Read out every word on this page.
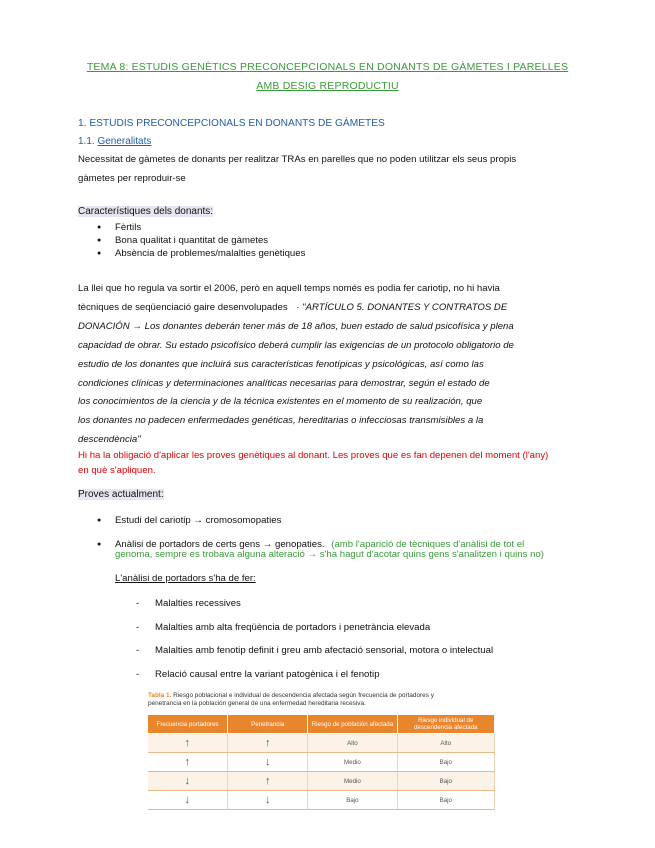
TEMA 8: ESTUDIS GENÈTICS PRECONCEPCIONALS EN DONANTS DE GÀMETES I PARELLES
AMB DESIG REPRODUCTIU
1. ESTUDIS PRECONCEPCIONALS EN DONANTS DE GÀMETES
1.1. Generalitats
Necessitat de gàmetes de donants per realitzar TRAs en parelles que no poden utilitzar els seus propis
gàmetes per reproduir-se
Característiques dels donants:
● Fèrtils
● Bona qualitat i quantitat de gàmetes
● Absència de problemes/malalties genètiques
La llei que ho regula va sortir el 2006, però en aquell temps només es podia fer cariotip, no hi havia
tècniques de seqüenciació gaire desenvolupades · "ARTÍCULO 5. DONANTES Y CONTRATOS DE
DONACIÓN → Los donantes deberán tener más de 18 años, buen estado de salud psicofísica y plena
capacidad de obrar. Su estado psicofísico deberá cumplir las exigencias de un protocolo obligatorio de
estudio de los donantes que incluirá sus características fenotípicas y psicológicas, así como las
condiciones clínicas y determinaciones analíticas necesarias para demostrar, según el estado de
los conocimientos de la ciencia y de la técnica existentes en el momento de su realización, que
los donantes no padecen enfermedades genéticas, hereditarias o infecciosas transmisibles a la
descendència"
Hi ha la obligació d'aplicar les proves genètiques al donant. Les proves que es fan depenen del moment (l'any)
en què s'apliquen.
Proves actualment:
● Estudi del cariotip → cromosomopaties
● Anàlisi de portadors de certs gens → genopaties. (amb l'aparició de tècniques d'anàlisi de tot el
genoma, sempre es trobava alguna alteració → s'ha hagut d'acotar quins gens s'analitzen i quins no)
L'anàlisi de portadors s'ha de fer:
- Malalties recessives
- Malalties amb alta freqüència de portadors i penetrància elevada
- Malalties amb fenotip definit i greu amb afectació sensorial, motora o intelectual
- Relació causal entre la variant patogènica i el fenotip
Tabla 1. Riesgo poblacional e individual de descendencia afectada según frecuencia de portadores y
penetrancia en la población general de una enfermedad hereditaria recesiva.
Frecuencia portadores	Penetrancia	Riesgo de población afectada	Riesgo individual de descendencia afectada
↑	↑	Alto	Alto
↑	↓	Medio	Bajo
↓	↑	Medio	Bajo
↓	↓	Bajo	Bajo
